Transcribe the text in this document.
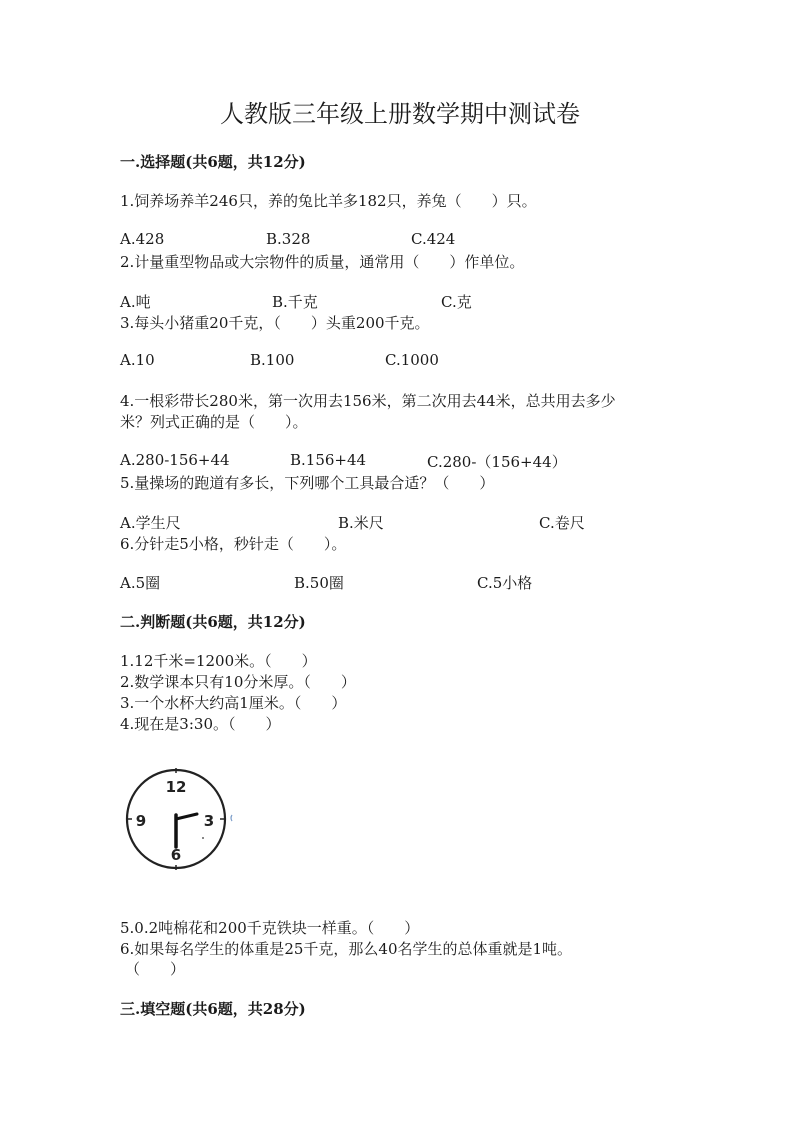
人教版三年级上册数学期中测试卷
一.选择题(共6题，共12分)
1.饲养场养羊246只，养的兔比羊多182只，养兔（　　）只。
A.428	B.328	C.424
2.计量重型物品或大宗物件的质量，通常用（　　）作单位。
A.吨	B.千克	C.克
3.每头小猪重20千克，（　　）头重200千克。
A.10	B.100	C.1000
4.一根彩带长280米，第一次用去156米，第二次用去44米，总共用去多少
米？列式正确的是（　　）。
A.280-156+44	B.156+44	C.280-（156+44）
5.量操场的跑道有多长，下列哪个工具最合适？（　　）
A.学生尺	B.米尺	C.卷尺
6.分针走5小格，秒针走（　　）。
A.5圈	B.50圈	C.5小格
二.判断题(共6题，共12分)
1.12千米=1200米。（　　）
2.数学课本只有10分米厚。（　　）
3.一个水杯大约高1厘米。（　　）
4.现在是3:30。（　　）
12
3
6
9
5.0.2吨棉花和200千克铁块一样重。（　　）
6.如果每名学生的体重是25千克，那么40名学生的总体重就是1吨。
（　　）
三.填空题(共6题，共28分)
